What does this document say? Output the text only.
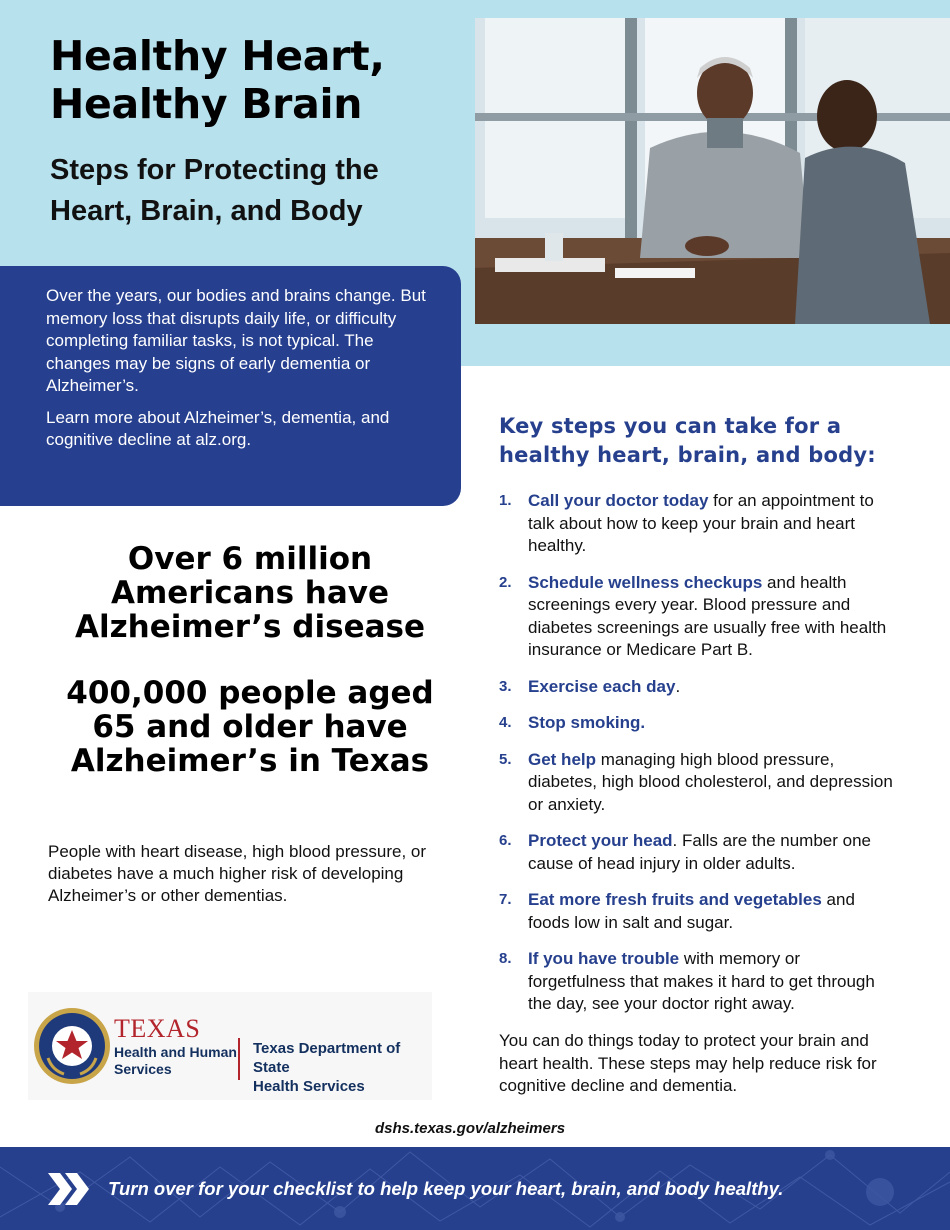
Healthy Heart,
Healthy Brain
Steps for Protecting the
Heart, Brain, and Body

Over the years, our bodies and brains change. But memory loss that disrupts daily life, or difficulty completing familiar tasks, is not typical. The changes may be signs of early dementia or Alzheimer’s.

Learn more about Alzheimer’s, dementia, and cognitive decline at alz.org.

Over 6 million
Americans have
Alzheimer’s disease

400,000 people aged
65 and older have
Alzheimer’s in Texas

People with heart disease, high blood pressure, or diabetes have a much higher risk of developing Alzheimer’s or other dementias.

TEXAS
Health and Human
Services
Texas Department of State
Health Services
Key steps you can take for a
healthy heart, brain, and body:
1. Call your doctor today for an appointment to talk about how to keep your brain and heart healthy.
2. Schedule wellness checkups and health screenings every year. Blood pressure and diabetes screenings are usually free with health insurance or Medicare Part B.
3. Exercise each day.
4. Stop smoking.
5. Get help managing high blood pressure, diabetes, high blood cholesterol, and depression or anxiety.
6. Protect your head. Falls are the number one cause of head injury in older adults.
7. Eat more fresh fruits and vegetables and foods low in salt and sugar.
8. If you have trouble with memory or forgetfulness that makes it hard to get through the day, see your doctor right away.

You can do things today to protect your brain and heart health. These steps may help reduce risk for cognitive decline and dementia.

dshs.texas.gov/alzheimers

Turn over for your checklist to help keep your heart, brain, and body healthy.
